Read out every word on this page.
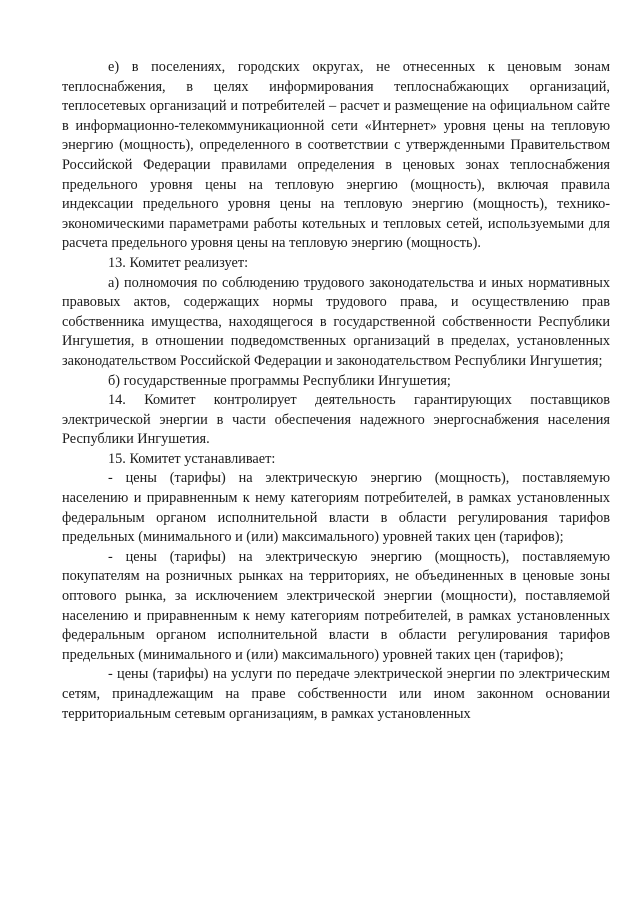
е) в поселениях, городских округах, не отнесенных к ценовым зонам теплоснабжения, в целях информирования теплоснабжающих организаций, теплосетевых организаций и потребителей – расчет и размещение на официальном сайте в информационно-телекоммуникационной сети «Интернет» уровня цены на тепловую энергию (мощность), определенного в соответствии с утвержденными Правительством Российской Федерации правилами определения в ценовых зонах теплоснабжения предельного уровня цены на тепловую энергию (мощность), включая правила индексации предельного уровня цены на тепловую энергию (мощность), технико-экономическими параметрами работы котельных и тепловых сетей, используемыми для расчета предельного уровня цены на тепловую энергию (мощность).

13. Комитет реализует:

а) полномочия по соблюдению трудового законодательства и иных нормативных правовых актов, содержащих нормы трудового права, и осуществлению прав собственника имущества, находящегося в государственной собственности Республики Ингушетия, в отношении подведомственных организаций в пределах, установленных законодательством Российской Федерации и законодательством Республики Ингушетия;

б) государственные программы Республики Ингушетия;

14. Комитет контролирует деятельность гарантирующих поставщиков электрической энергии в части обеспечения надежного энергоснабжения населения Республики Ингушетия.

15. Комитет устанавливает:

- цены (тарифы) на электрическую энергию (мощность), поставляемую населению и приравненным к нему категориям потребителей, в рамках установленных федеральным органом исполнительной власти в области регулирования тарифов предельных (минимального и (или) максимального) уровней таких цен (тарифов);

- цены (тарифы) на электрическую энергию (мощность), поставляемую покупателям на розничных рынках на территориях, не объединенных в ценовые зоны оптового рынка, за исключением электрической энергии (мощности), поставляемой населению и приравненным к нему категориям потребителей, в рамках установленных федеральным органом исполнительной власти в области регулирования тарифов предельных (минимального и (или) максимального) уровней таких цен (тарифов);

- цены (тарифы) на услуги по передаче электрической энергии по электрическим сетям, принадлежащим на праве собственности или ином законном основании территориальным сетевым организациям, в рамках установленных
